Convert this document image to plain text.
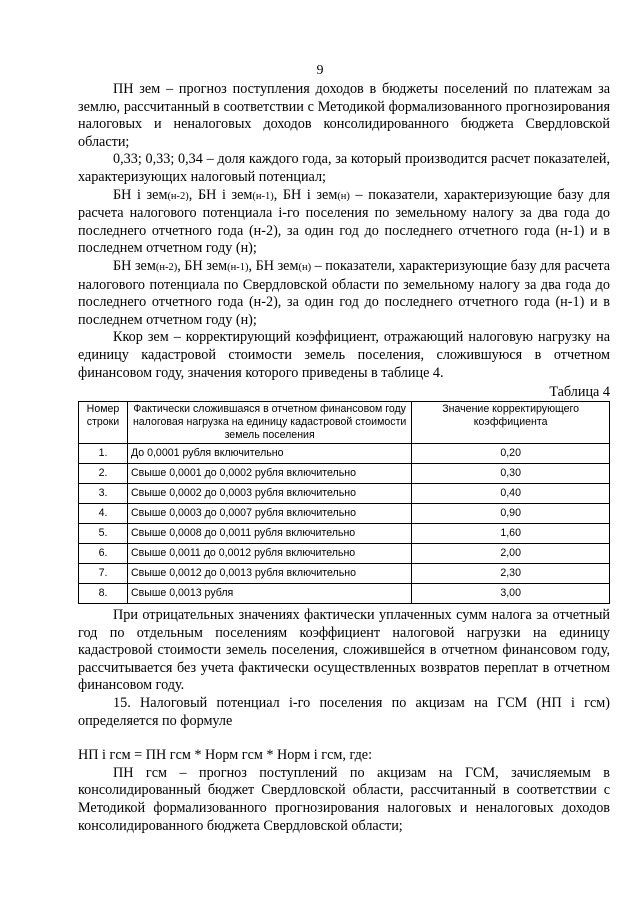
9

ПН зем – прогноз поступления доходов в бюджеты поселений по платежам за землю, рассчитанный в соответствии с Методикой формализованного прогнозирования налоговых и неналоговых доходов консолидированного бюджета Свердловской области;

0,33; 0,33; 0,34 – доля каждого года, за который производится расчет показателей, характеризующих налоговый потенциал;

БН i зем(н-2), БН i зем(н-1), БН i зем(н) – показатели, характеризующие базу для расчета налогового потенциала i-го поселения по земельному налогу за два года до последнего отчетного года (н-2), за один год до последнего отчетного года (н-1) и в последнем отчетном году (н);

БН зем(н-2), БН зем(н-1), БН зем(н) – показатели, характеризующие базу для расчета налогового потенциала по Свердловской области по земельному налогу за два года до последнего отчетного года (н-2), за один год до последнего отчетного года (н-1) и в последнем отчетном году (н);

Ккор зем – корректирующий коэффициент, отражающий налоговую нагрузку на единицу кадастровой стоимости земель поселения, сложившуюся в отчетном финансовом году, значения которого приведены в таблице 4.

Таблица 4
Номер строки	Фактически сложившаяся в отчетном финансовом году налоговая нагрузка на единицу кадастровой стоимости земель поселения	Значение корректирующего коэффициента
1.	До 0,0001 рубля включительно	0,20
2.	Свыше 0,0001 до 0,0002 рубля включительно	0,30
3.	Свыше 0,0002 до 0,0003 рубля включительно	0,40
4.	Свыше 0,0003 до 0,0007 рубля включительно	0,90
5.	Свыше 0,0008 до 0,0011 рубля включительно	1,60
6.	Свыше 0,0011 до 0,0012 рубля включительно	2,00
7.	Свыше 0,0012 до 0,0013 рубля включительно	2,30
8.	Свыше 0,0013 рубля	3,00

При отрицательных значениях фактически уплаченных сумм налога за отчетный год по отдельным поселениям коэффициент налоговой нагрузки на единицу кадастровой стоимости земель поселения, сложившейся в отчетном финансовом году, рассчитывается без учета фактически осуществленных возвратов переплат в отчетном финансовом году.

15. Налоговый потенциал i-го поселения по акцизам на ГСМ (НП i гсм) определяется по формуле

НП i гсм = ПН гсм * Норм гсм * Норм i гсм, где:

ПН гсм – прогноз поступлений по акцизам на ГСМ, зачисляемым в консолидированный бюджет Свердловской области, рассчитанный в соответствии с Методикой формализованного прогнозирования налоговых и неналоговых доходов консолидированного бюджета Свердловской области;
